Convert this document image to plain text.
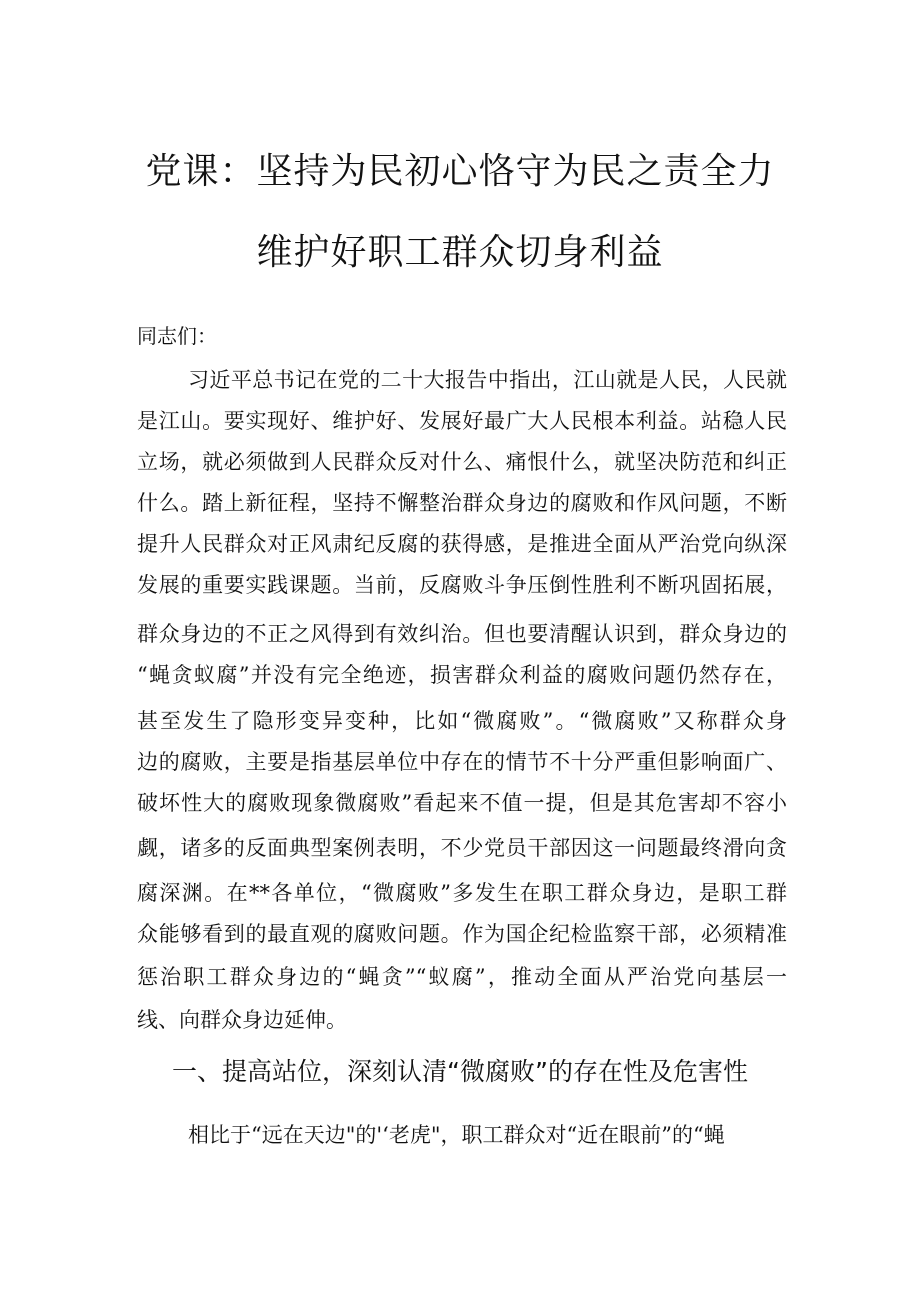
党课：坚持为民初心恪守为民之责全力
维护好职工群众切身利益
同志们：
习近平总书记在党的二十大报告中指出，江山就是人民，人民就
是江山。要实现好、维护好、发展好最广大人民根本利益。站稳人民
立场，就必须做到人民群众反对什么、痛恨什么，就坚决防范和纠正
什么。踏上新征程，坚持不懈整治群众身边的腐败和作风问题，不断
提升人民群众对正风肃纪反腐的获得感，是推进全面从严治党向纵深
发展的重要实践课题。当前，反腐败斗争压倒性胜利不断巩固拓展，
群众身边的不正之风得到有效纠治。但也要清醒认识到，群众身边的
“蝇贪蚁腐”并没有完全绝迹，损害群众利益的腐败问题仍然存在，
甚至发生了隐形变异变种，比如“微腐败”。“微腐败”又称群众身
边的腐败，主要是指基层单位中存在的情节不十分严重但影响面广、
破坏性大的腐败现象微腐败”看起来不值一提，但是其危害却不容小
觑，诸多的反面典型案例表明，不少党员干部因这一问题最终滑向贪
腐深渊。在**各单位，“微腐败”多发生在职工群众身边，是职工群
众能够看到的最直观的腐败问题。作为国企纪检监察干部，必须精准
惩治职工群众身边的“蝇贪”“蚁腐”，推动全面从严治党向基层一
线、向群众身边延伸。
一、提高站位，深刻认清“微腐败”的存在性及危害性
相比于“远在天边"的'‘老虎"，职工群众对“近在眼前”的“蝇
